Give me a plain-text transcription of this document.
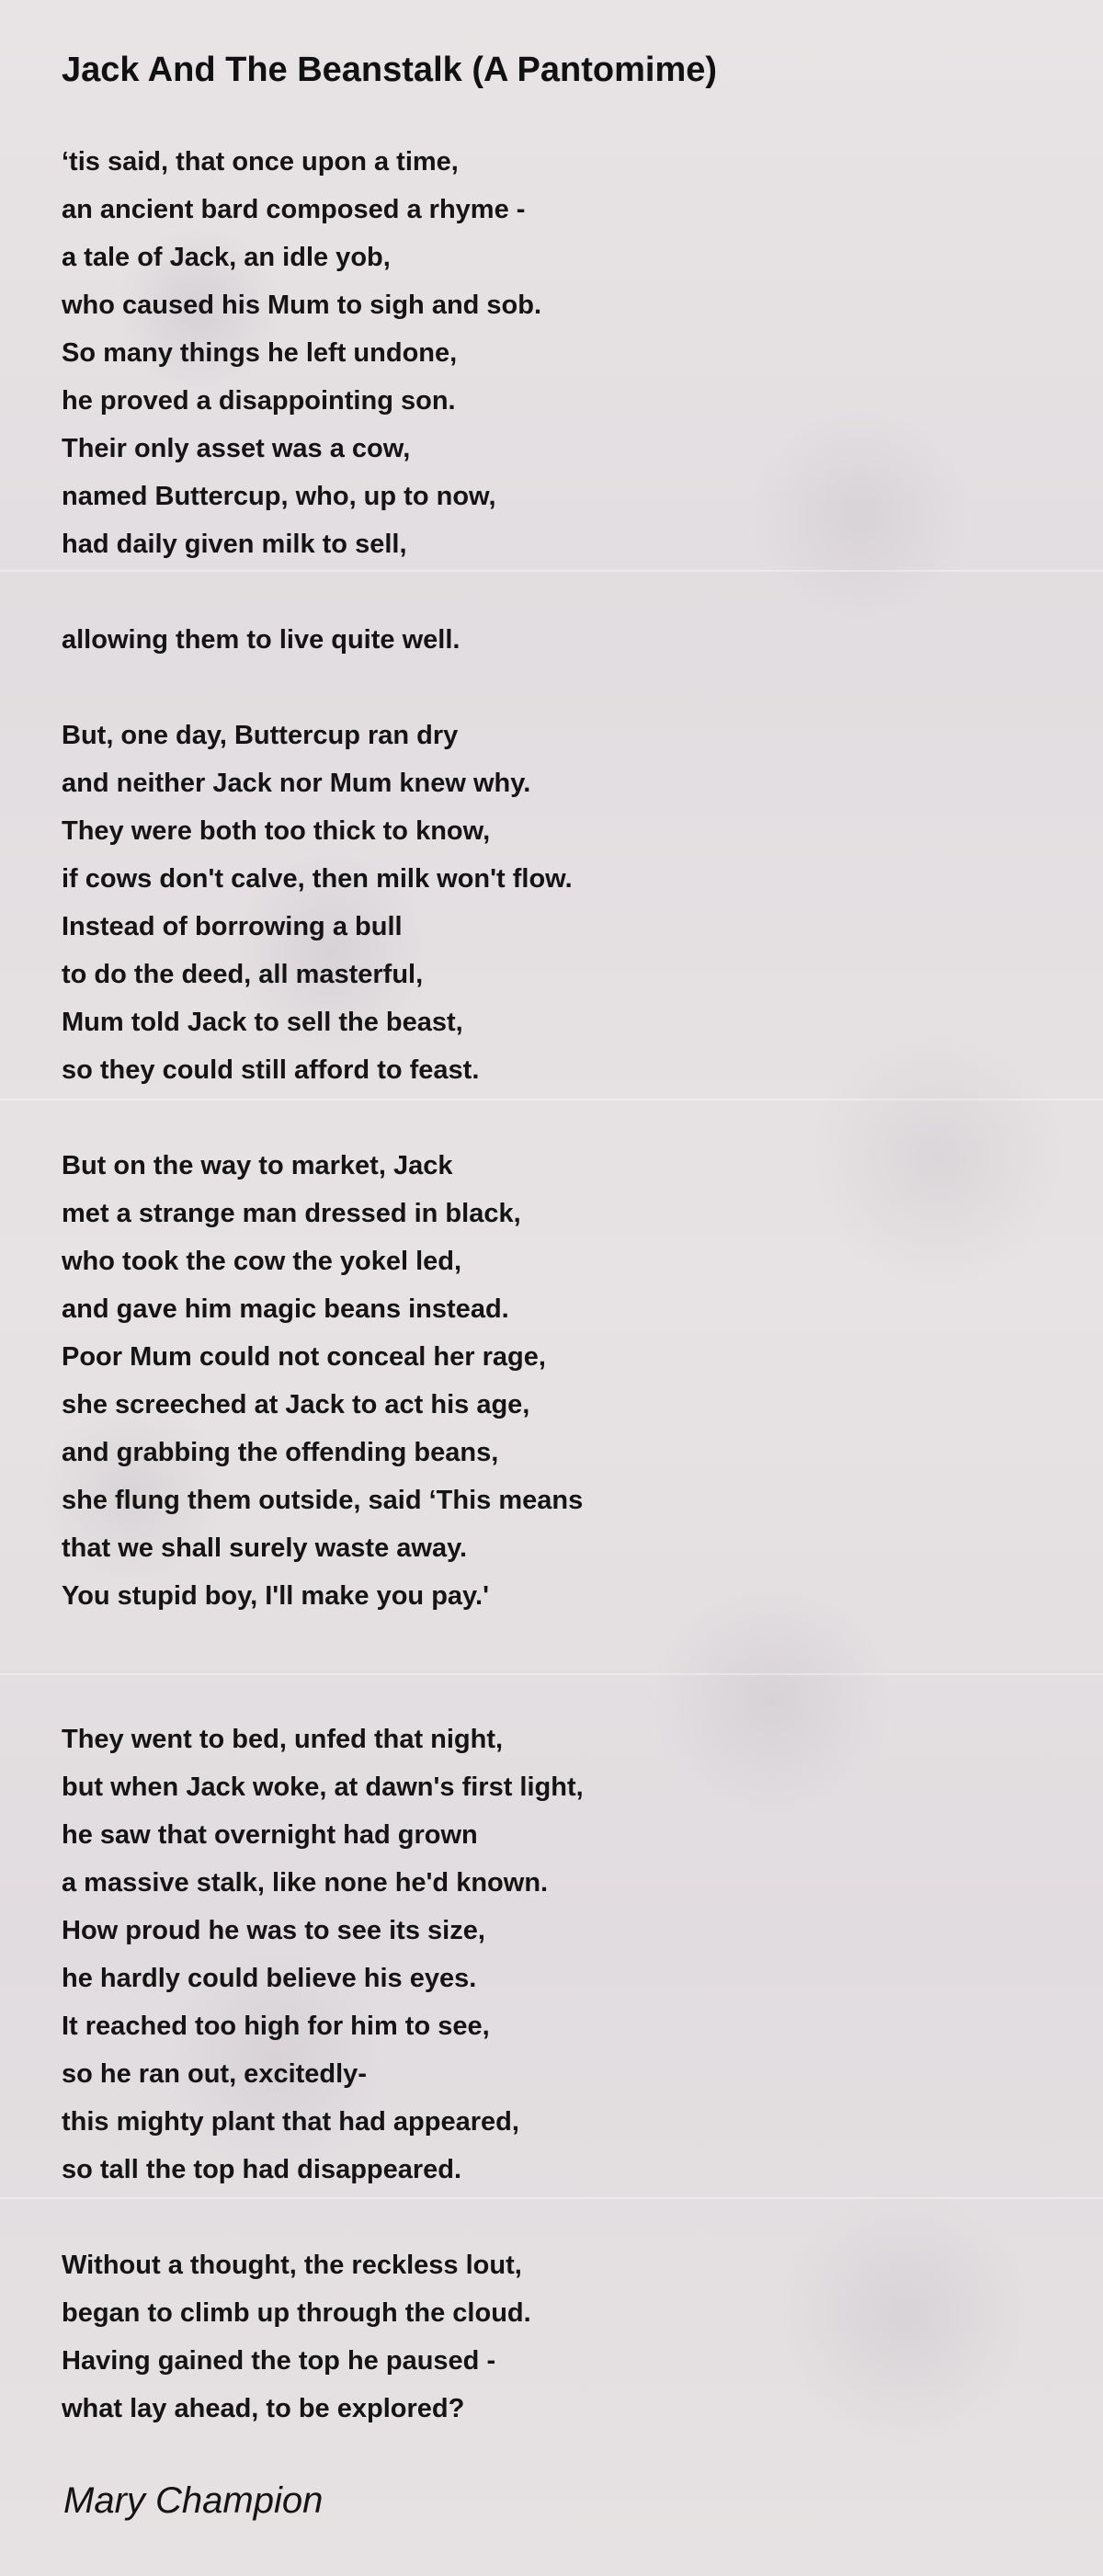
Jack And The Beanstalk (A Pantomime)
‘tis said, that once upon a time,
an ancient bard composed a rhyme -
a tale of Jack, an idle yob,
who caused his Mum to sigh and sob.
So many things he left undone,
he proved a disappointing son.
Their only asset was a cow,
named Buttercup, who, up to now,
had daily given milk to sell,
allowing them to live quite well.
But, one day, Buttercup ran dry
and neither Jack nor Mum knew why.
They were both too thick to know,
if cows don't calve, then milk won't flow.
Instead of borrowing a bull
to do the deed, all masterful,
Mum told Jack to sell the beast,
so they could still afford to feast.
But on the way to market, Jack
met a strange man dressed in black,
who took the cow the yokel led,
and gave him magic beans instead.
Poor Mum could not conceal her rage,
she screeched at Jack to act his age,
and grabbing the offending beans,
she flung them outside, said ‘This means
that we shall surely waste away.
You stupid boy, I'll make you pay.'
They went to bed, unfed that night,
but when Jack woke, at dawn's first light,
he saw that overnight had grown
a massive stalk, like none he'd known.
How proud he was to see its size,
he hardly could believe his eyes.
It reached too high for him to see,
so he ran out, excitedly-
this mighty plant that had appeared,
so tall the top had disappeared.
Without a thought, the reckless lout,
began to climb up through the cloud.
Having gained the top he paused -
what lay ahead, to be explored?
Mary Champion
